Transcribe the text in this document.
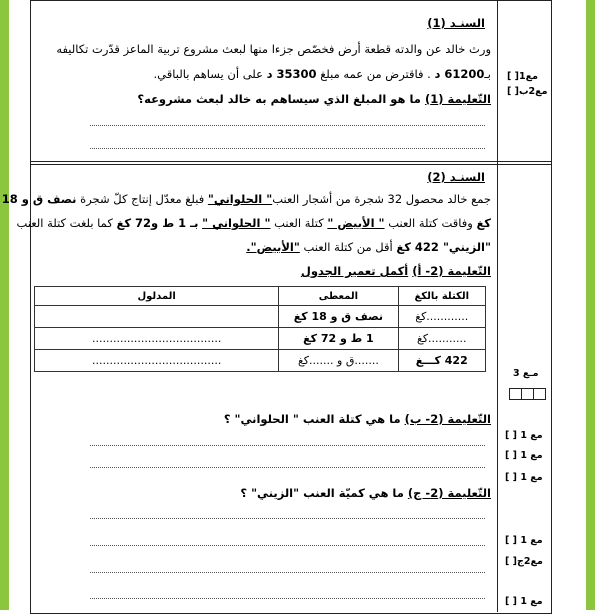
السنـد (1)
ورث خالد عن والدته قطعة أرض فخصّص جزءا منها لبعث مشروع تربية الماعز قدّرت تكاليفه
بـ61200 د . فاقترض من عمه مبلغ 35300 د على أن يساهم بالباقي.
التّعليمة (1) ما هو المبلغ الذي سيساهم به خالد لبعث مشروعه؟
مع1[ ]
مع2ب[ ]
السنـد (2)
جمع خالد محصول 32 شجرة من أشجار العنب" الحلواني" فبلغ معدّل إنتاج كلّ شجرة نصف ق و 18
كغ وفاقت كتلة العنب " الأبيض " كتلة العنب " الحلواني " بـ 1 ط و72 كغ كما بلغت كتلة العنب
"الزيني" 422 كغ أقل من كتلة العنب "الأبيض".
التّعليمة (2- أ) أكمل تعمير الجدول
المدلول	المعطى	الكتلة بالكغ
	نصف ق و 18 كغ	............كغ
.....................................	1 ط و 72 كغ	...........كغ
.....................................	.......ق و .......كغ	422 كـــغ
مـع 3
التّعليمة (2- ب) ما هي كتلة العنب " الحلواني" ؟
مع 1 [ ]
مع 1 [ ]
مع 1 [ ]
التّعليمة (2- ج) ما هي كميّة العنب "الزيني" ؟
مع 1 [ ]
مع2ج[ ]
مع 1 [ ]
